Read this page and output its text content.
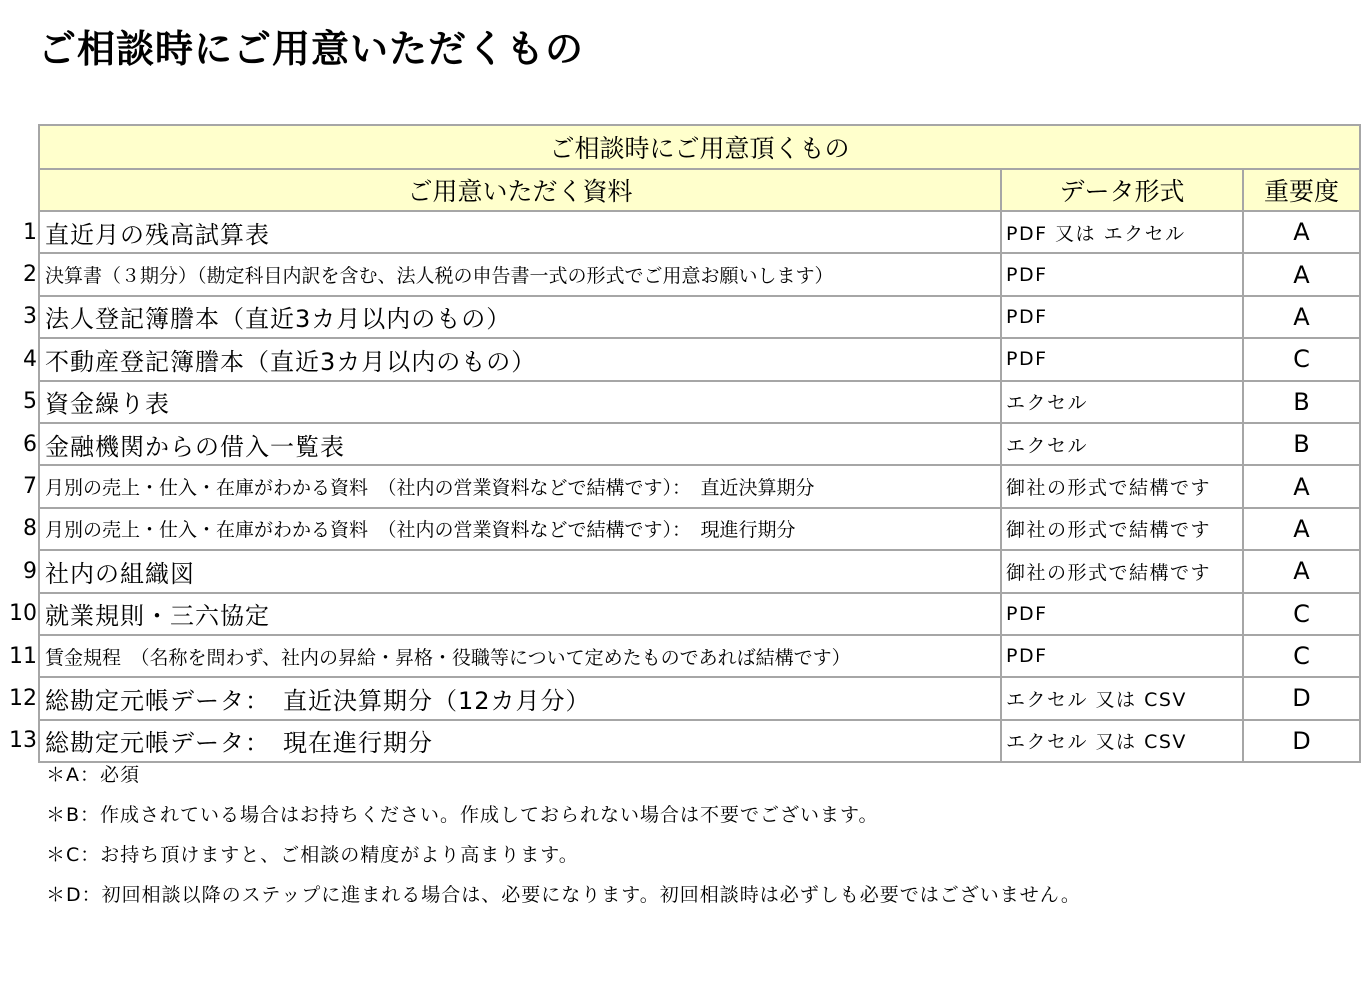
ご相談時にご用意いただくもの
	ご相談時にご用意頂くもの		
	ご用意いただく資料	データ形式	重要度
1	直近月の残高試算表	PDF 又は エクセル	A
2	決算書（３期分）（勘定科目内訳を含む、法人税の申告書一式の形式でご用意お願いします）	PDF	A
3	法人登記簿謄本（直近3カ月以内のもの）	PDF	A
4	不動産登記簿謄本（直近3カ月以内のもの）	PDF	C
5	資金繰り表	エクセル	B
6	金融機関からの借入一覧表	エクセル	B
7	月別の売上・仕入・在庫がわかる資料　（社内の営業資料などで結構です）：　直近決算期分	御社の形式で結構です	A
8	月別の売上・仕入・在庫がわかる資料　（社内の営業資料などで結構です）：　現進行期分	御社の形式で結構です	A
9	社内の組織図	御社の形式で結構です	A
10	就業規則・三六協定	PDF	C
11	賃金規程　（名称を問わず、社内の昇給・昇格・役職等について定めたものであれば結構です）	PDF	C
12	総勘定元帳データ：　直近決算期分（12カ月分）	エクセル 又は CSV	D
13	総勘定元帳データ：　現在進行期分	エクセル 又は CSV	D
＊A：必須
＊B：作成されている場合はお持ちください。作成しておられない場合は不要でございます。
＊C：お持ち頂けますと、ご相談の精度がより高まります。
＊D：初回相談以降のステップに進まれる場合は、必要になります。初回相談時は必ずしも必要ではございません。
